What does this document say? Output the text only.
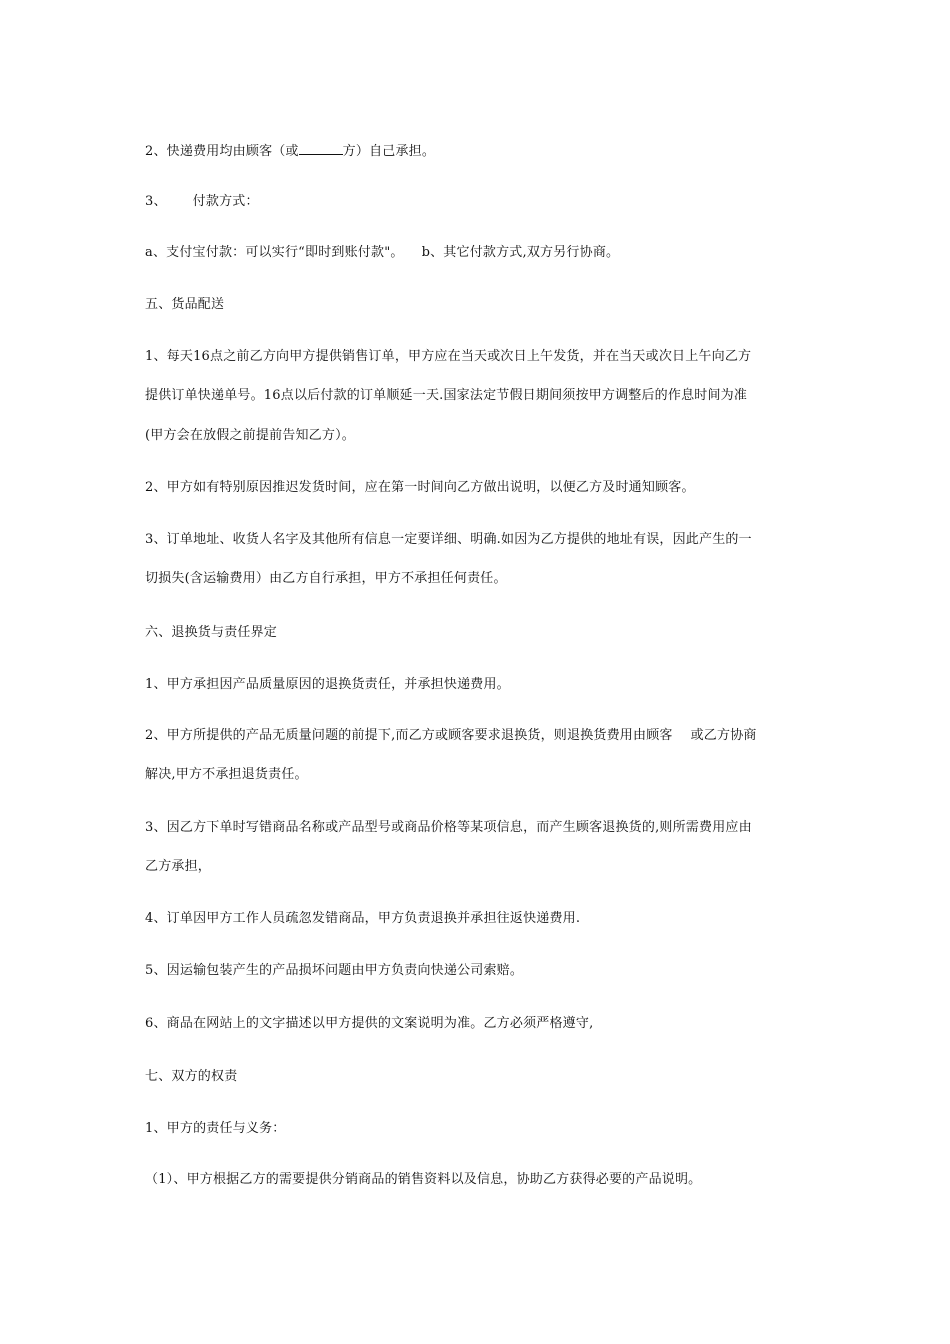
2、快递费用均由顾客（或	方）自己承担。
3、 付款方式：
a、支付宝付款：可以实行“即时到账付款"。 b、其它付款方式,双方另行协商。
五、货品配送
1、每天16点之前乙方向甲方提供销售订单，甲方应在当天或次日上午发货，并在当天或次日上午向乙方
提供订单快递单号。16点以后付款的订单顺延一天.国家法定节假日期间须按甲方调整后的作息时间为准
(甲方会在放假之前提前告知乙方）。
2、甲方如有特别原因推迟发货时间，应在第一时间向乙方做出说明，以便乙方及时通知顾客。
3、订单地址、收货人名字及其他所有信息一定要详细、明确.如因为乙方提供的地址有误，因此产生的一
切损失(含运输费用）由乙方自行承担，甲方不承担任何责任。
六、退换货与责任界定
1、甲方承担因产品质量原因的退换货责任，并承担快递费用。
2、甲方所提供的产品无质量问题的前提下,而乙方或顾客要求退换货，则退换货费用由顾客 或乙方协商
解决,甲方不承担退货责任。
3、因乙方下单时写错商品名称或产品型号或商品价格等某项信息，而产生顾客退换货的,则所需费用应由
乙方承担，
4、订单因甲方工作人员疏忽发错商品，甲方负责退换并承担往返快递费用.
5、因运输包装产生的产品损坏问题由甲方负责向快递公司索赔。
6、商品在网站上的文字描述以甲方提供的文案说明为准。乙方必须严格遵守,
七、双方的权责
1、甲方的责任与义务：
（1）、甲方根据乙方的需要提供分销商品的销售资料以及信息，协助乙方获得必要的产品说明。
